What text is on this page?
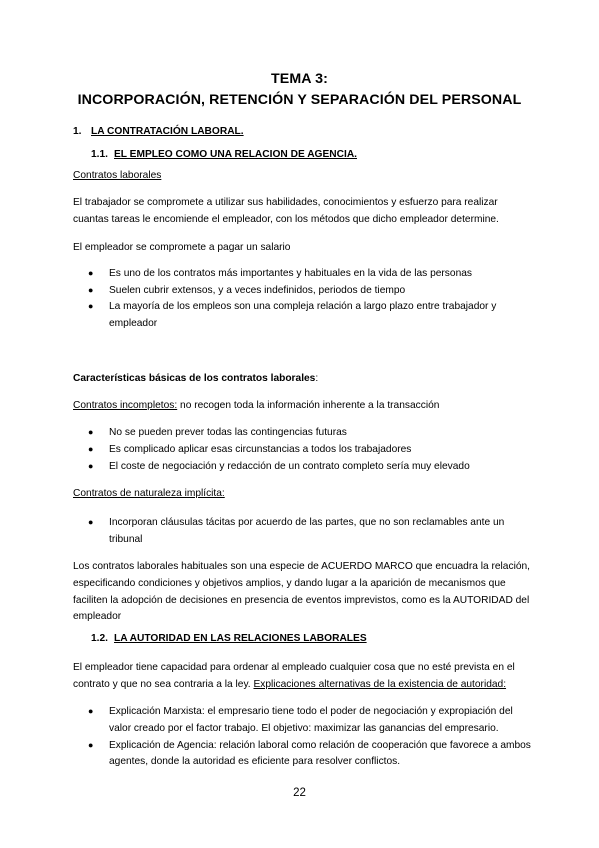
TEMA 3:
INCORPORACIÓN, RETENCIÓN Y SEPARACIÓN DEL PERSONAL
1. LA CONTRATACIÓN LABORAL.
1.1. EL EMPLEO COMO UNA RELACION DE AGENCIA.
Contratos laborales
El trabajador se compromete a utilizar sus habilidades, conocimientos y esfuerzo para realizar
cuantas tareas le encomiende el empleador, con los métodos que dicho empleador determine.
El empleador se compromete a pagar un salario
● Es uno de los contratos más importantes y habituales en la vida de las personas
● Suelen cubrir extensos, y a veces indefinidos, periodos de tiempo
● La mayoría de los empleos son una compleja relación a largo plazo entre trabajador y
empleador
Características básicas de los contratos laborales:
Contratos incompletos: no recogen toda la información inherente a la transacción
● No se pueden prever todas las contingencias futuras
● Es complicado aplicar esas circunstancias a todos los trabajadores
● El coste de negociación y redacción de un contrato completo sería muy elevado
Contratos de naturaleza implícita:
● Incorporan cláusulas tácitas por acuerdo de las partes, que no son reclamables ante un
tribunal
Los contratos laborales habituales son una especie de ACUERDO MARCO que encuadra la relación,
especificando condiciones y objetivos amplios, y dando lugar a la aparición de mecanismos que
faciliten la adopción de decisiones en presencia de eventos imprevistos, como es la AUTORIDAD del
empleador
1.2. LA AUTORIDAD EN LAS RELACIONES LABORALES
El empleador tiene capacidad para ordenar al empleado cualquier cosa que no esté prevista en el
contrato y que no sea contraria a la ley. Explicaciones alternativas de la existencia de autoridad:
● Explicación Marxista: el empresario tiene todo el poder de negociación y expropiación del
valor creado por el factor trabajo. El objetivo: maximizar las ganancias del empresario.
● Explicación de Agencia: relación laboral como relación de cooperación que favorece a ambos
agentes, donde la autoridad es eficiente para resolver conflictos.
22
